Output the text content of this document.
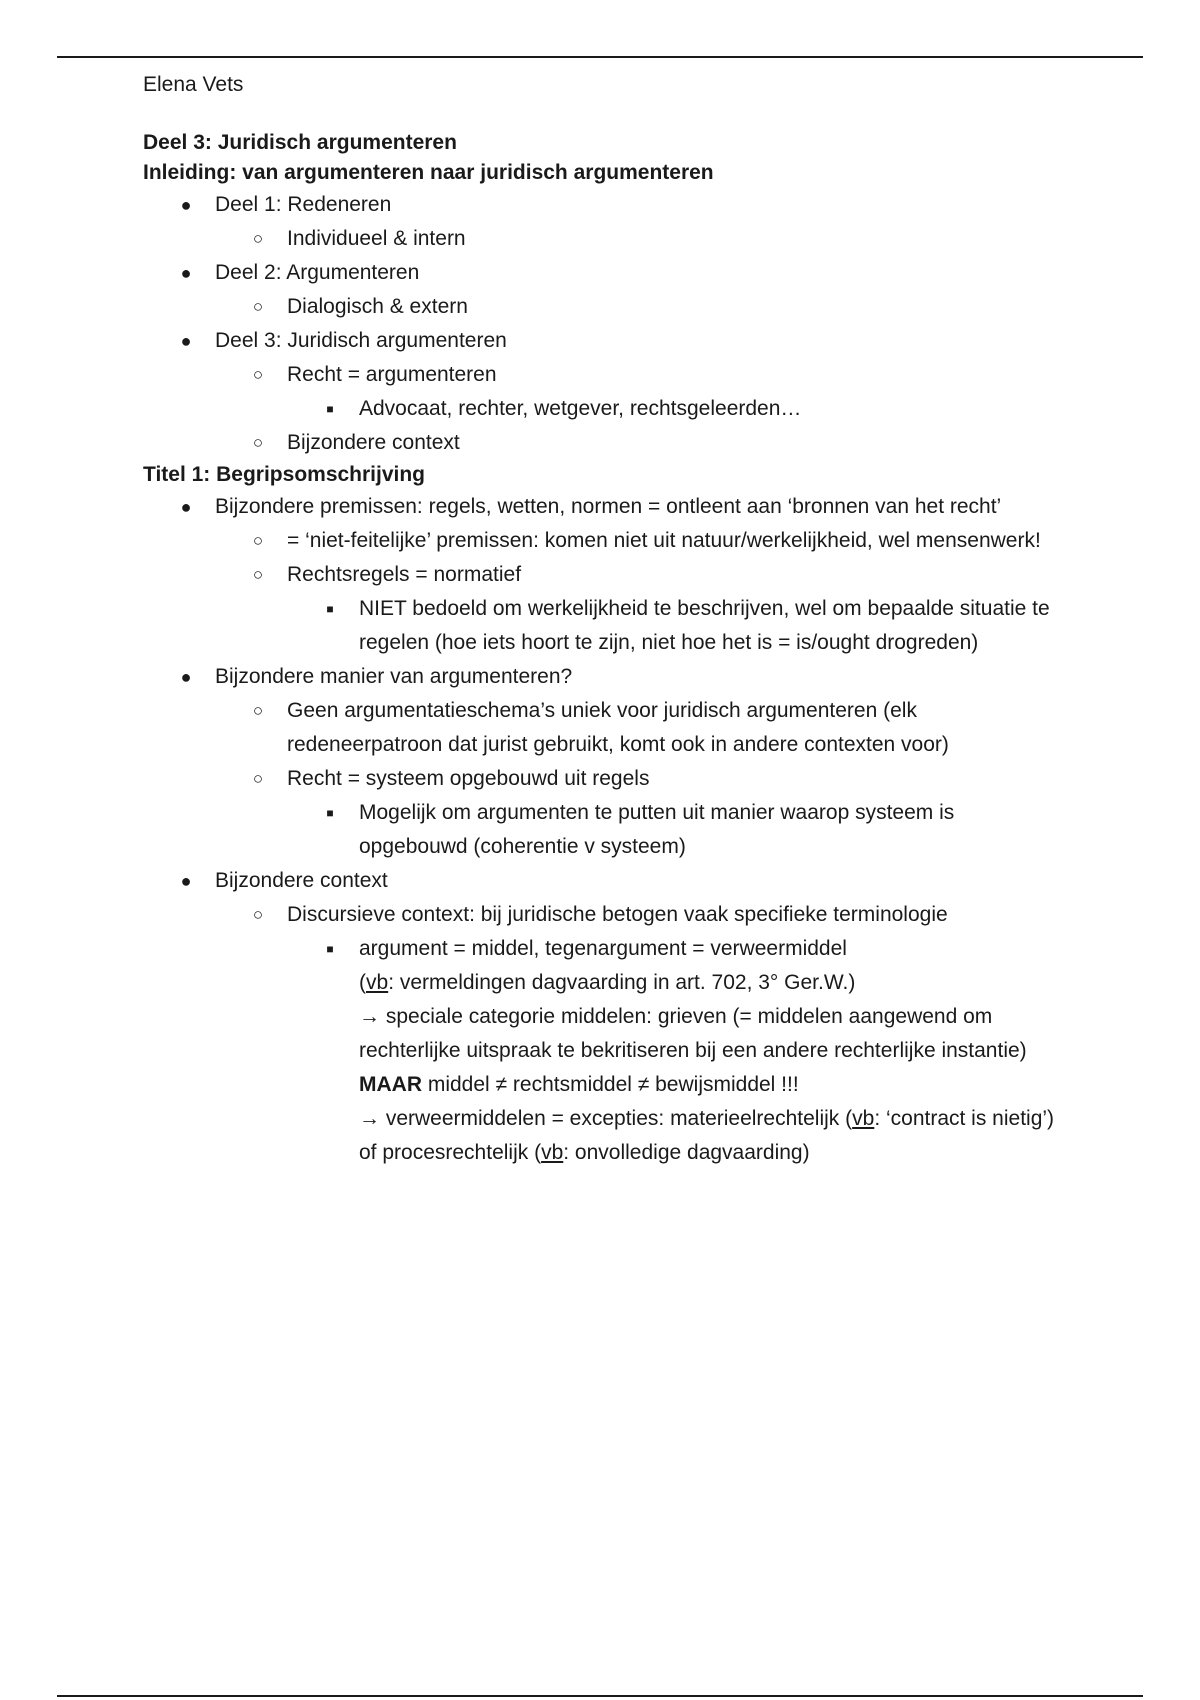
Elena Vets
Deel 3: Juridisch argumenteren
Inleiding: van argumenteren naar juridisch argumenteren
● Deel 1: Redeneren
○ Individueel & intern
● Deel 2: Argumenteren
○ Dialogisch & extern
● Deel 3: Juridisch argumenteren
○ Recht = argumenteren
■	Advocaat, rechter, wetgever, rechtsgeleerden…
○ Bijzondere context
Titel 1: Begripsomschrijving
● Bijzondere premissen: regels, wetten, normen = ontleent aan ‘bronnen van het recht’
○ = ‘niet-feitelijke’ premissen: komen niet uit natuur/werkelijkheid, wel mensenwerk!
○ Rechtsregels = normatief
■	NIET bedoeld om werkelijkheid te beschrijven, wel om bepaalde situatie te regelen (hoe iets hoort te zijn, niet hoe het is = is/ought drogreden)
● Bijzondere manier van argumenteren?
○ Geen argumentatieschema’s uniek voor juridisch argumenteren (elk redeneerpatroon dat jurist gebruikt, komt ook in andere contexten voor)
○ Recht = systeem opgebouwd uit regels
■	Mogelijk om argumenten te putten uit manier waarop systeem is opgebouwd (coherentie v systeem)
● Bijzondere context
○ Discursieve context: bij juridische betogen vaak specifieke terminologie
■	argument = middel, tegenargument = verweermiddel
(vb: vermeldingen dagvaarding in art. 702, 3° Ger.W.)
→ speciale categorie middelen: grieven (= middelen aangewend om rechterlijke uitspraak te bekritiseren bij een andere rechterlijke instantie)
MAAR middel ≠ rechtsmiddel ≠ bewijsmiddel !!!
→ verweermiddelen = excepties: materieelrechtelijk (vb: ‘contract is nietig’) of procesrechtelijk (vb: onvolledige dagvaarding)
